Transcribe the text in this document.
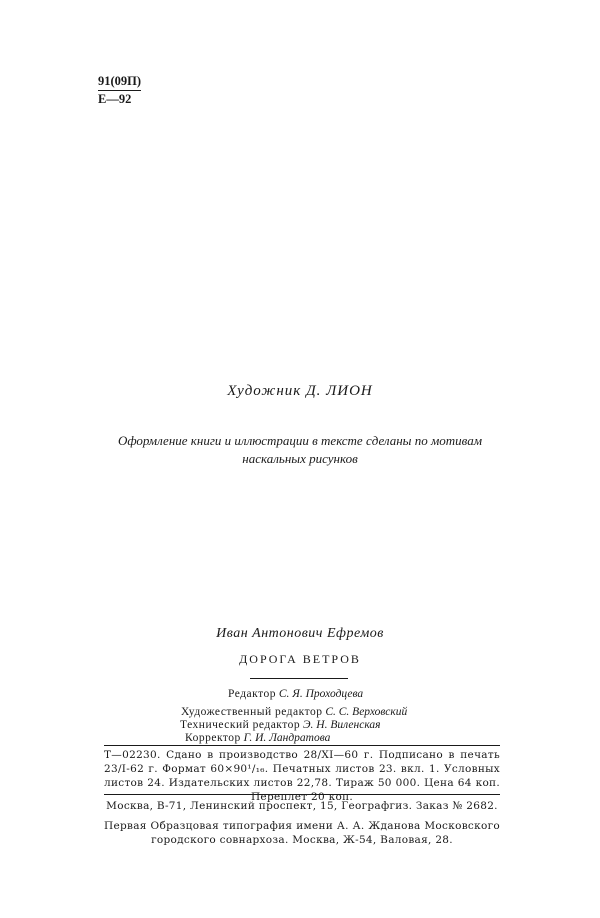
91(09П)
Е—92
Художник Д. ЛИОН
Оформление книги и иллюстрации в тексте сделаны по мотивам наскальных рисунков
Иван Антонович Ефремов
ДОРОГА ВЕТРОВ
Редактор С. Я. Проходцева
Художественный редактор С. С. Верховский
Технический редактор Э. Н. Виленская
Корректор Г. И. Ландратова
Т—02230. Сдано в производство 28/XI—60 г. Подписано в печать
23/I-62 г. Формат 60×90¹/₁₆. Печатных листов 23. вкл. 1. Условных
листов 24. Издательских листов 22,78. Тираж 50 000. Цена 64 коп.
Переплет 20 коп.
Москва, В-71, Ленинский проспект, 15, Географгиз. Заказ № 2682.
Первая Образцовая типография имени А. А. Жданова Московского
городского совнархоза. Москва, Ж-54, Валовая, 28.
